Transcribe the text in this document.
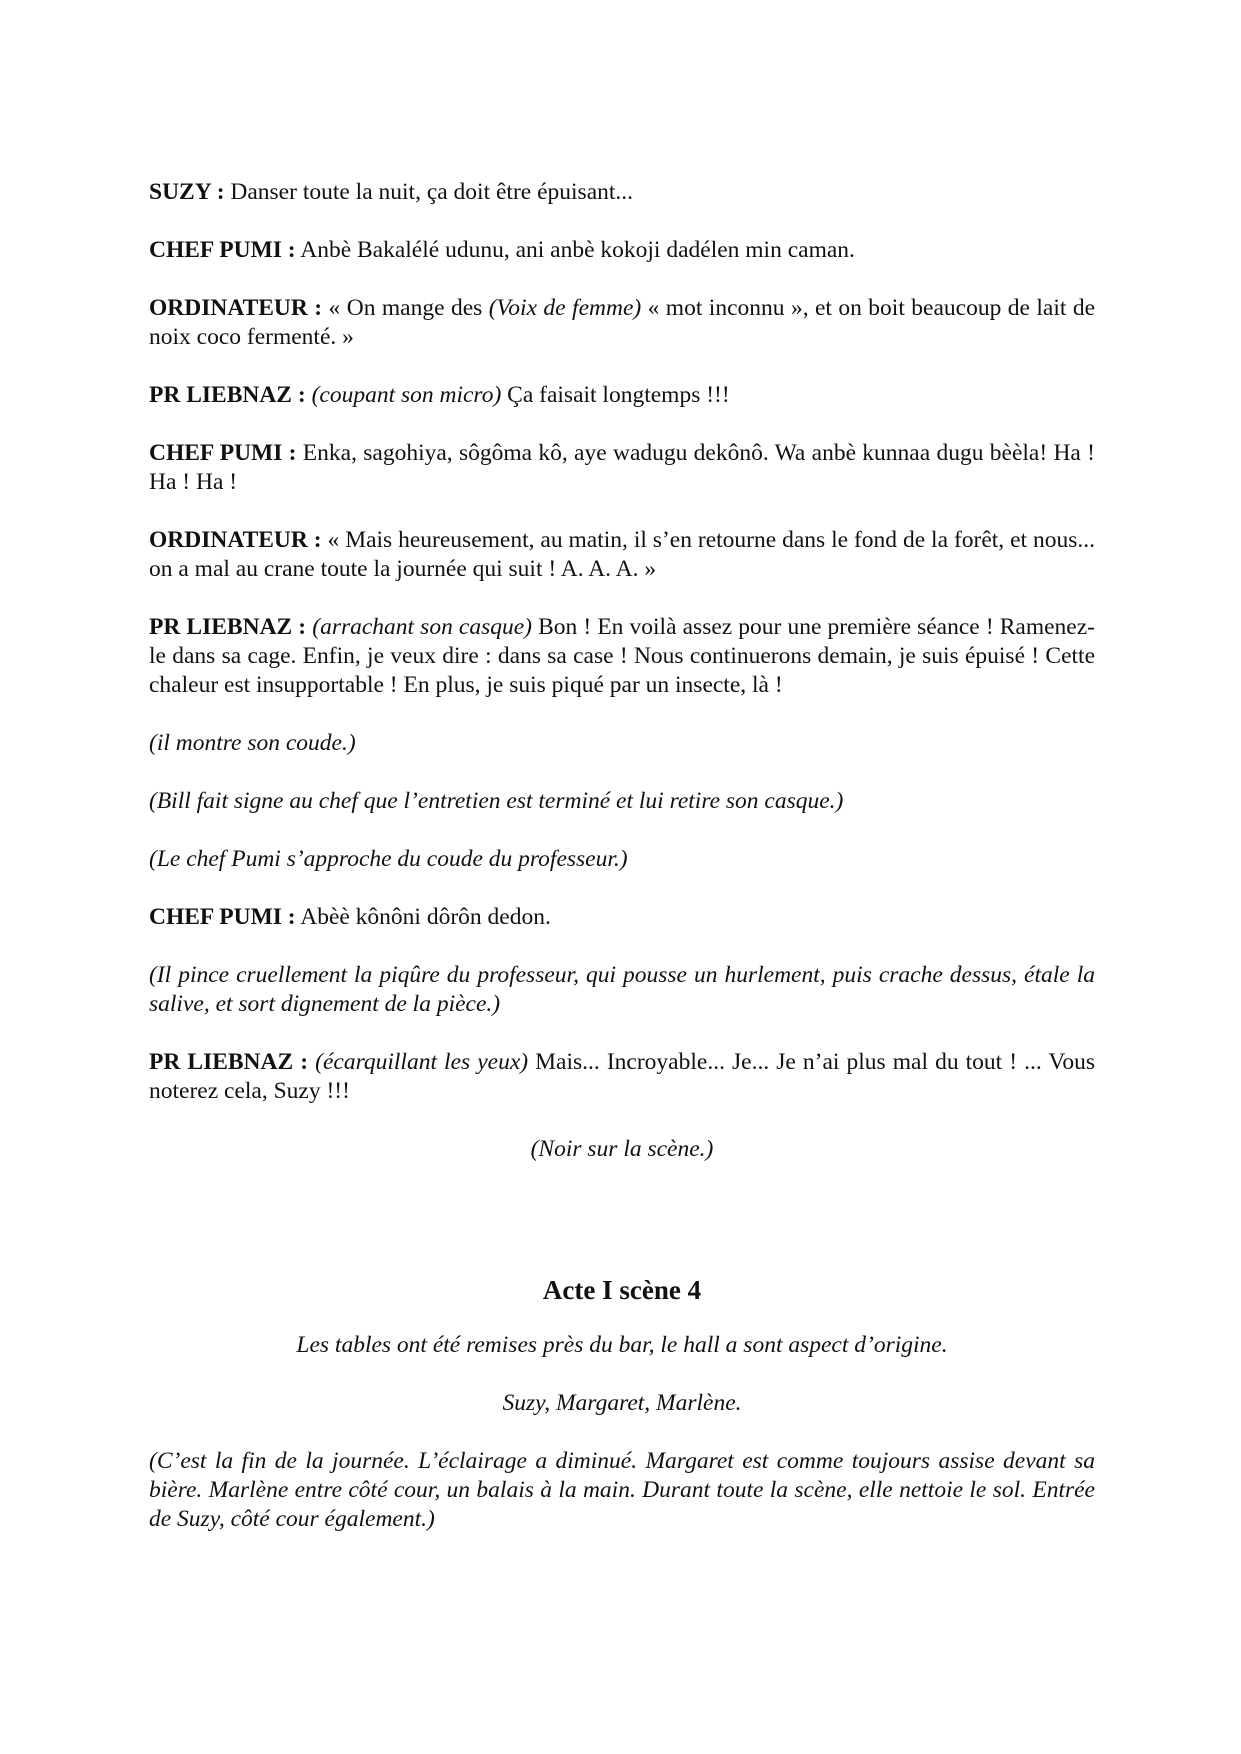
SUZY : Danser toute la nuit, ça doit être épuisant...

CHEF PUMI : Anbè Bakalélé udunu, ani anbè kokoji dadélen min caman.

ORDINATEUR : « On mange des (Voix de femme) « mot inconnu », et on boit beaucoup de lait de noix coco fermenté. »

PR LIEBNAZ : (coupant son micro) Ça faisait longtemps !!!

CHEF PUMI : Enka, sagohiya, sôgôma kô, aye wadugu dekônô. Wa anbè kunnaa dugu bèèla! Ha ! Ha ! Ha !

ORDINATEUR : « Mais heureusement, au matin, il s’en retourne dans le fond de la forêt, et nous... on a mal au crane toute la journée qui suit ! A. A. A. »

PR LIEBNAZ : (arrachant son casque) Bon ! En voilà assez pour une première séance ! Ramenez-le dans sa cage. Enfin, je veux dire : dans sa case ! Nous continuerons demain, je suis épuisé ! Cette chaleur est insupportable ! En plus, je suis piqué par un insecte, là !

(il montre son coude.)

(Bill fait signe au chef que l’entretien est terminé et lui retire son casque.)

(Le chef Pumi s’approche du coude du professeur.)

CHEF PUMI : Abèè kônôni dôrôn dedon.

(Il pince cruellement la piqûre du professeur, qui pousse un hurlement, puis crache dessus, étale la salive, et sort dignement de la pièce.)

PR LIEBNAZ : (écarquillant les yeux) Mais... Incroyable... Je... Je n’ai plus mal du tout ! ... Vous noterez cela, Suzy !!!

(Noir sur la scène.)

Acte I scène 4

Les tables ont été remises près du bar, le hall a sont aspect d’origine.

Suzy, Margaret, Marlène.

(C’est la fin de la journée. L’éclairage a diminué. Margaret est comme toujours assise devant sa bière. Marlène entre côté cour, un balais à la main. Durant toute la scène, elle nettoie le sol. Entrée de Suzy, côté cour également.)
